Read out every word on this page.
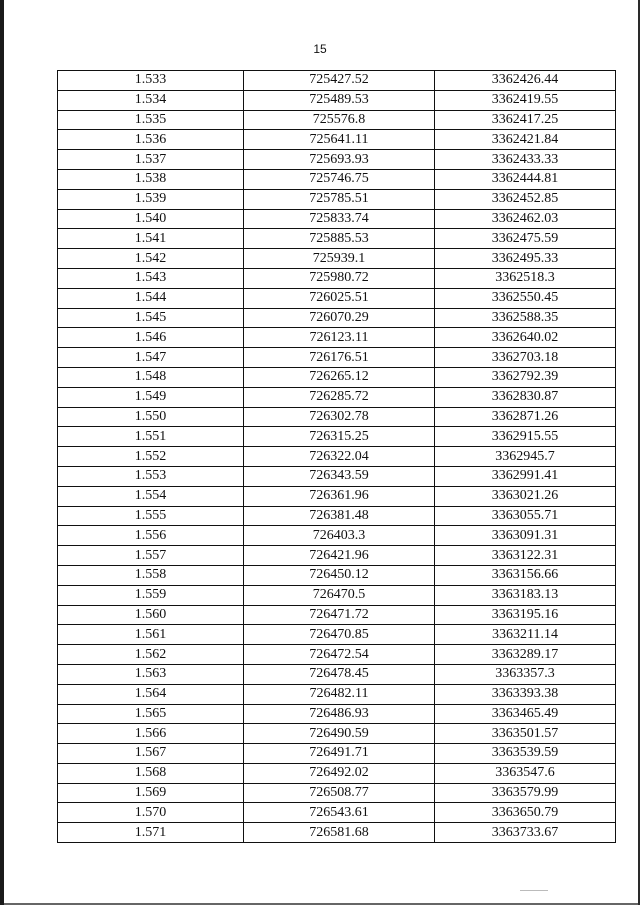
15
1.533	725427.52	3362426.44
1.534	725489.53	3362419.55
1.535	725576.8	3362417.25
1.536	725641.11	3362421.84
1.537	725693.93	3362433.33
1.538	725746.75	3362444.81
1.539	725785.51	3362452.85
1.540	725833.74	3362462.03
1.541	725885.53	3362475.59
1.542	725939.1	3362495.33
1.543	725980.72	3362518.3
1.544	726025.51	3362550.45
1.545	726070.29	3362588.35
1.546	726123.11	3362640.02
1.547	726176.51	3362703.18
1.548	726265.12	3362792.39
1.549	726285.72	3362830.87
1.550	726302.78	3362871.26
1.551	726315.25	3362915.55
1.552	726322.04	3362945.7
1.553	726343.59	3362991.41
1.554	726361.96	3363021.26
1.555	726381.48	3363055.71
1.556	726403.3	3363091.31
1.557	726421.96	3363122.31
1.558	726450.12	3363156.66
1.559	726470.5	3363183.13
1.560	726471.72	3363195.16
1.561	726470.85	3363211.14
1.562	726472.54	3363289.17
1.563	726478.45	3363357.3
1.564	726482.11	3363393.38
1.565	726486.93	3363465.49
1.566	726490.59	3363501.57
1.567	726491.71	3363539.59
1.568	726492.02	3363547.6
1.569	726508.77	3363579.99
1.570	726543.61	3363650.79
1.571	726581.68	3363733.67
